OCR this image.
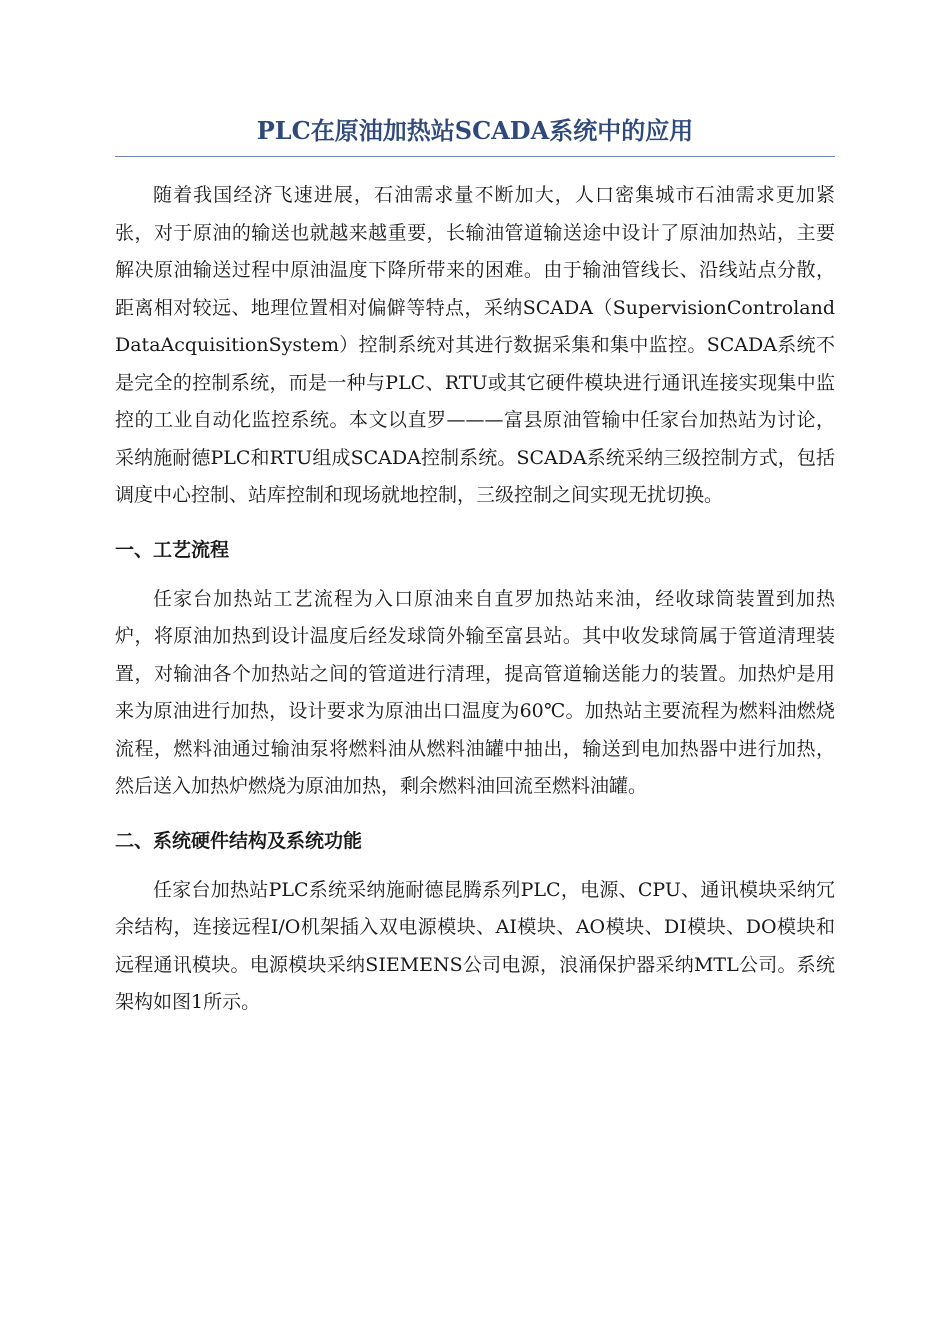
PLC在原油加热站SCADA系统中的应用

随着我国经济飞速进展，石油需求量不断加大，人口密集城市石油需求更加紧张，对于原油的输送也就越来越重要，长输油管道输送途中设计了原油加热站，主要解决原油输送过程中原油温度下降所带来的困难。由于输油管线长、沿线站点分散，距离相对较远、地理位置相对偏僻等特点，采纳SCADA（SupervisionControlandDataAcquisitionSystem）控制系统对其进行数据采集和集中监控。SCADA系统不是完全的控制系统，而是一种与PLC、RTU或其它硬件模块进行通讯连接实现集中监控的工业自动化监控系统。本文以直罗———富县原油管输中任家台加热站为讨论，采纳施耐德PLC和RTU组成SCADA控制系统。SCADA系统采纳三级控制方式，包括调度中心控制、站库控制和现场就地控制，三级控制之间实现无扰切换。

一、工艺流程

任家台加热站工艺流程为入口原油来自直罗加热站来油，经收球筒装置到加热炉，将原油加热到设计温度后经发球筒外输至富县站。其中收发球筒属于管道清理装置，对输油各个加热站之间的管道进行清理，提高管道输送能力的装置。加热炉是用来为原油进行加热，设计要求为原油出口温度为60℃。加热站主要流程为燃料油燃烧流程，燃料油通过输油泵将燃料油从燃料油罐中抽出，输送到电加热器中进行加热，然后送入加热炉燃烧为原油加热，剩余燃料油回流至燃料油罐。

二、系统硬件结构及系统功能

任家台加热站PLC系统采纳施耐德昆腾系列PLC，电源、CPU、通讯模块采纳冗余结构，连接远程I/O机架插入双电源模块、AI模块、AO模块、DI模块、DO模块和远程通讯模块。电源模块采纳SIEMENS公司电源，浪涌保护器采纳MTL公司。系统架构如图1所示。
